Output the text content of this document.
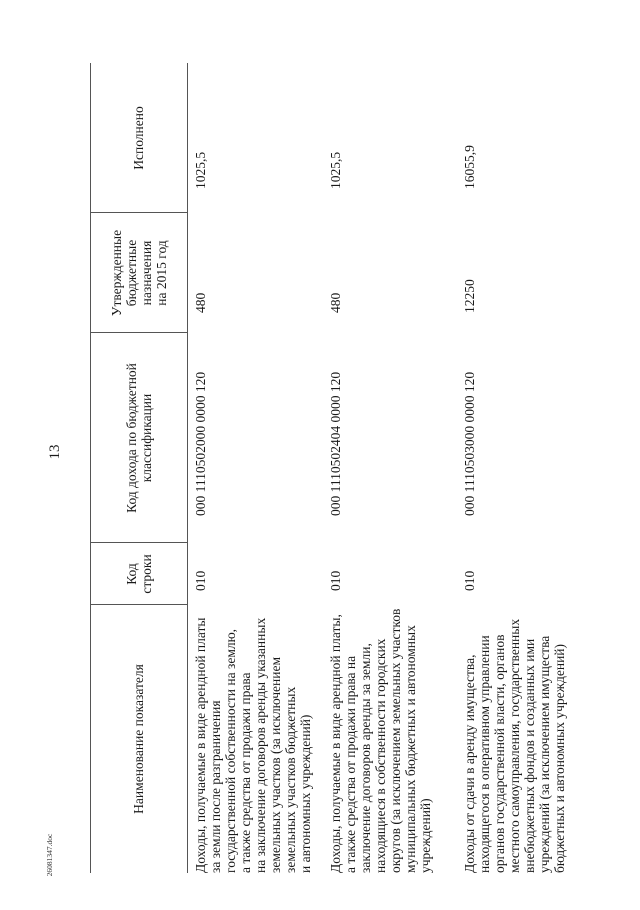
13
26081347.doc
Наименование показателя
Код строки
Код дохода по бюджетной классификации
Утвержденные бюджетные назначения на 2015 год
Исполнено
Доходы, получаемые в виде арендной платы за земли после разграничения государственной собственности на землю, а также средства от продажи права на заключение договоров аренды указанных земельных участков (за исключением земельных участков бюджетных и автономных учреждений)
010
000 1110502000 0000 120
480
1025,5
Доходы, получаемые в виде арендной платы, а также средства от продажи права на заключение договоров аренды за земли, находящиеся в собственности городских округов (за исключением земельных участков муниципальных бюджетных и автономных учреждений)
010
000 1110502404 0000 120
480
1025,5
Доходы от сдачи в аренду имущества, находящегося в оперативном управлении органов государственной власти, органов местного самоуправления, государственных внебюджетных фондов и созданных ими учреждений (за исключением имущества бюджетных и автономных учреждений)
010
000 1110503000 0000 120
12250
16055,9
